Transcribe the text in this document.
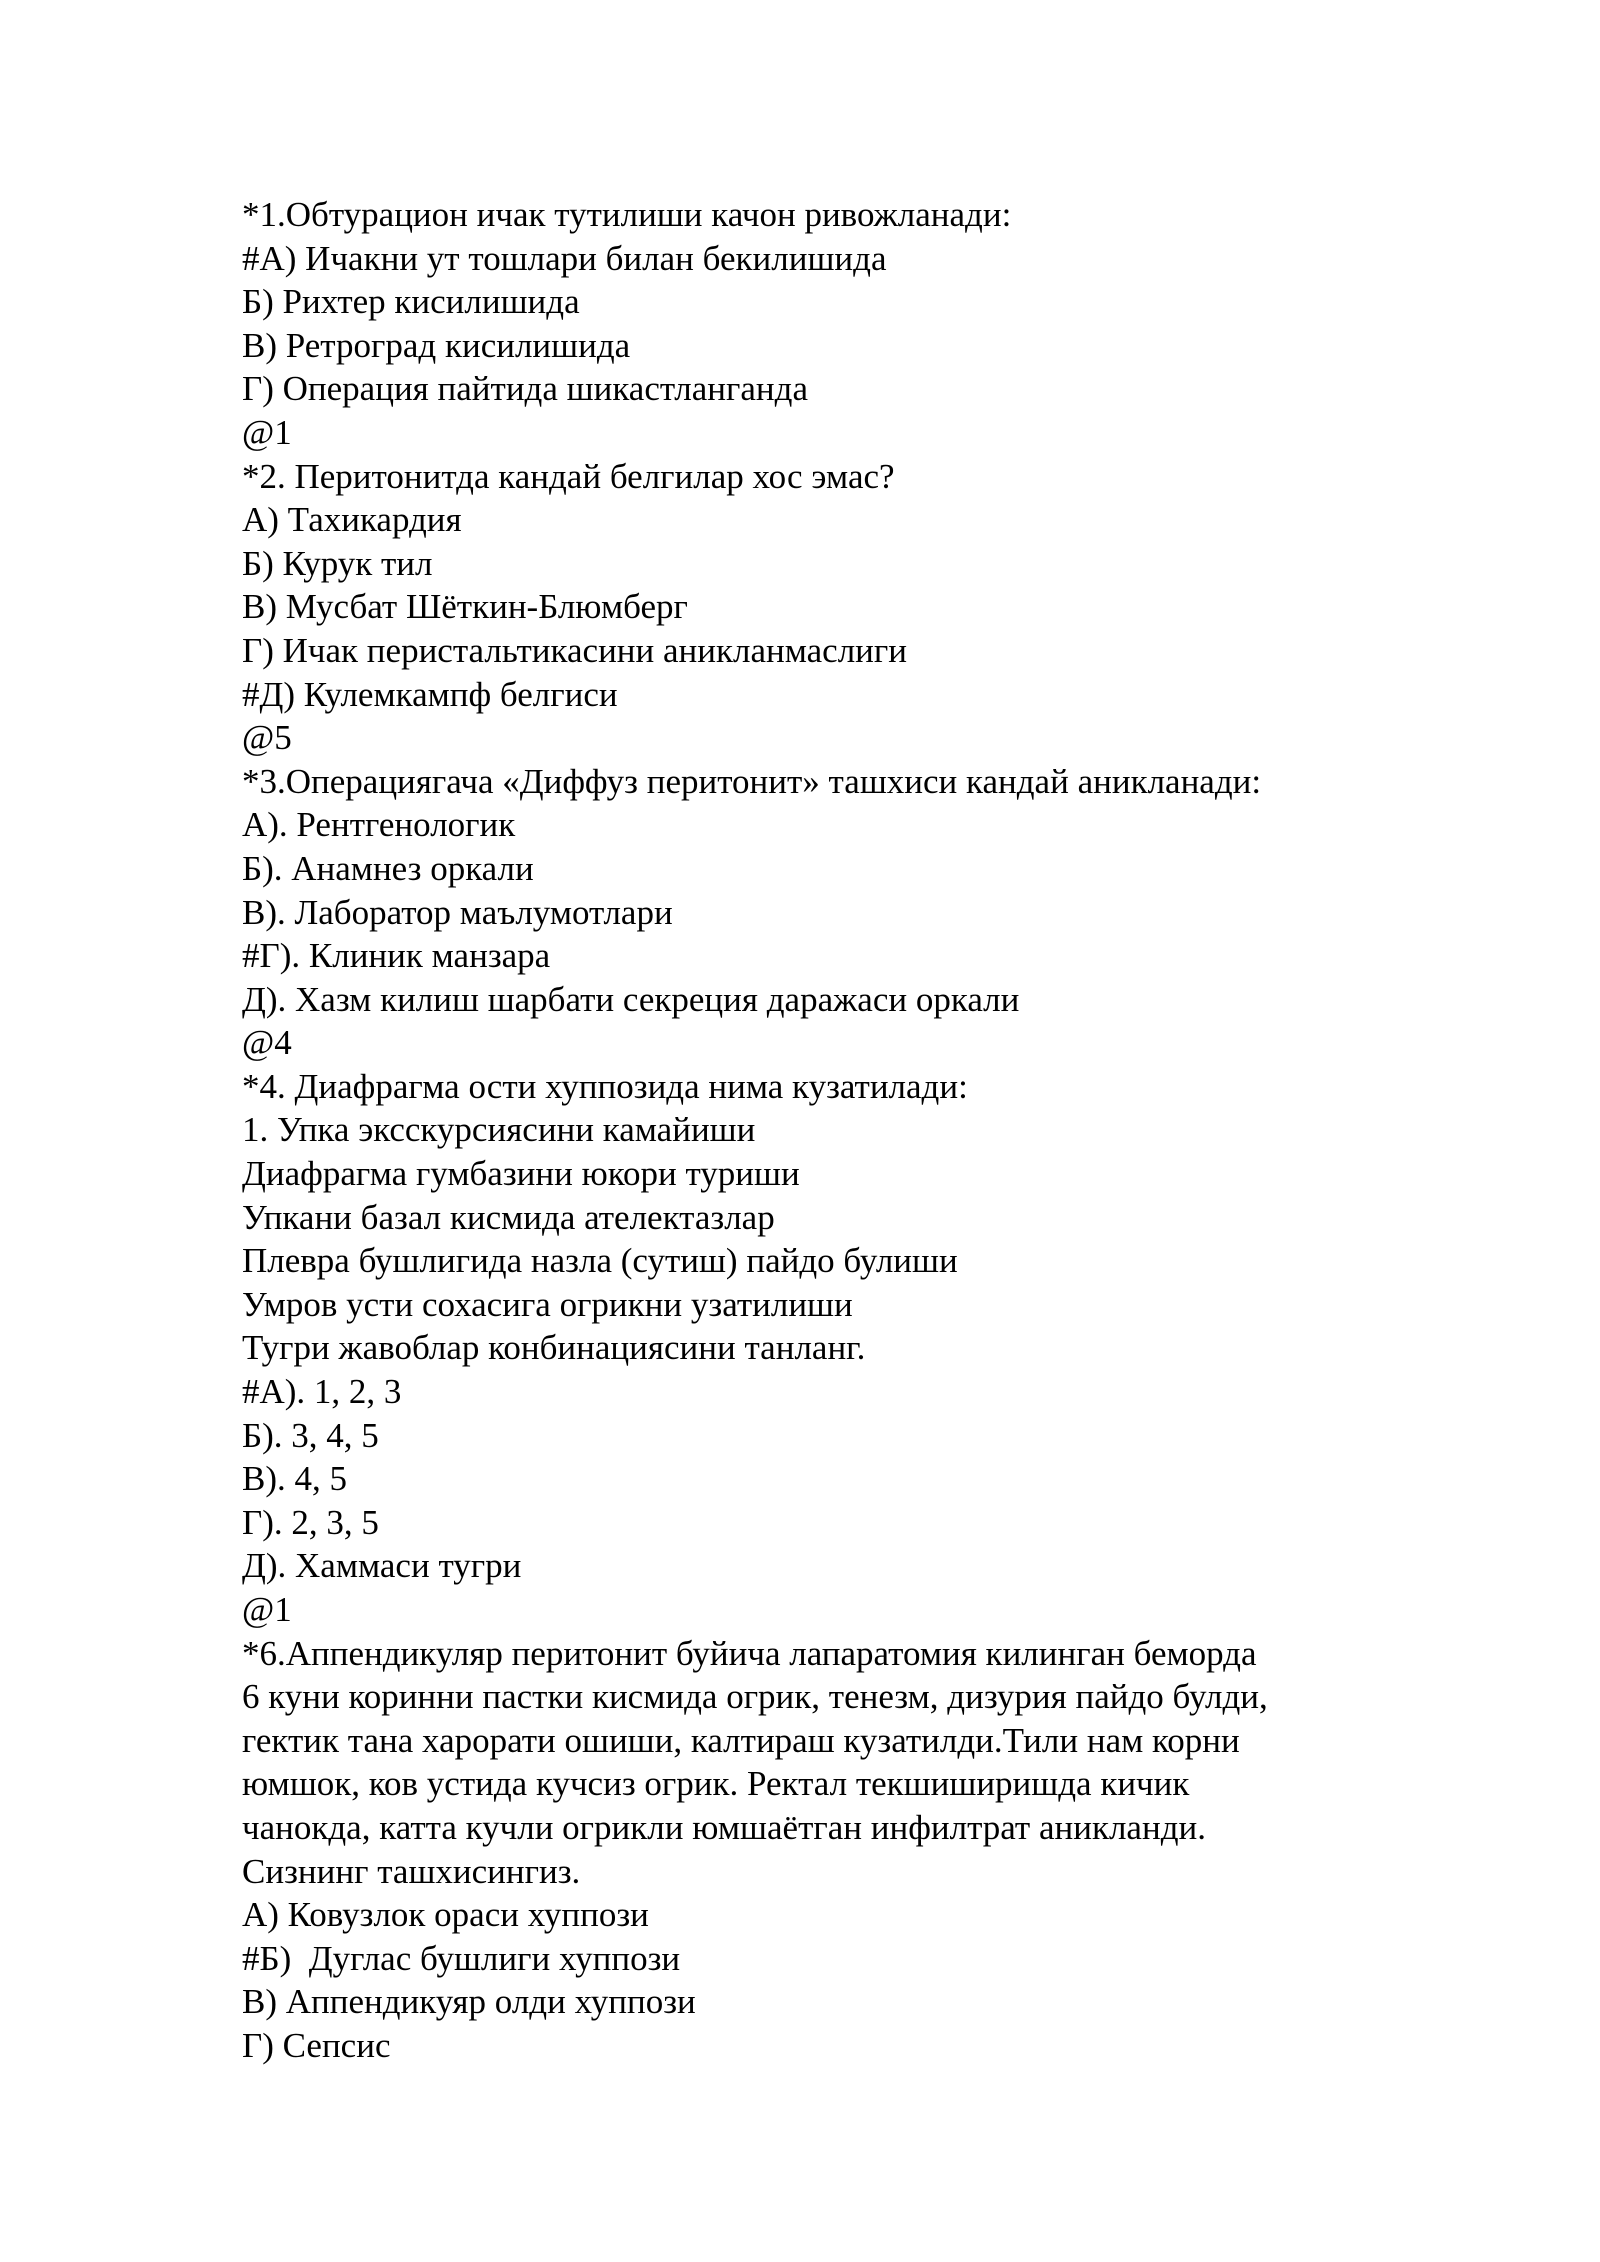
*1.Обтурацион ичак тутилиши качон ривожланади:
#А) Ичакни ут тошлари билан бекилишида
Б) Рихтер кисилишида
В) Ретроград кисилишида
Г) Операция пайтида шикастланганда
@1
*2. Перитонитда кандай белгилар хос эмас?
А) Тахикардия
Б) Курук тил
В) Мусбат Шёткин-Блюмберг
Г) Ичак перистальтикасини аникланмаслиги
#Д) Кулемкампф белгиси
@5
*3.Операциягача «Диффуз перитонит» ташхиси кандай аникланади:
А). Рентгенологик
Б). Анамнез оркали
В). Лаборатор маълумотлари
#Г). Клиник манзара
Д). Хазм килиш шарбати секреция даражаси оркали
@4
*4. Диафрагма ости хуппозида нима кузатилади:
1. Упка эксскурсиясини камайиши
Диафрагма гумбазини юкори туриши
Упкани базал кисмида ателектазлар
Плевра бушлигида назла (сутиш) пайдо булиши
Умров усти сохасига огрикни узатилиши
Тугри жавоблар конбинациясини танланг.
#А). 1, 2, 3
Б). 3, 4, 5
В). 4, 5
Г). 2, 3, 5
Д). Хаммаси тугри
@1
*6.Аппендикуляр перитонит буйича лапаратомия килинган беморда
6 куни коринни пастки кисмида огрик, тенезм, дизурия пайдо булди,
гектик тана харорати ошиши, калтираш кузатилди.Тили нам корни
юмшок, ков устида кучсиз огрик. Ректал текшиширишда кичик
чанокда, катта кучли огрикли юмшаётган инфилтрат аникланди.
Сизнинг ташхисингиз.
А) Ковузлок ораси хуппози
#Б)  Дуглас бушлиги хуппози
В) Аппендикуяр олди хуппози
Г) Сепсис
